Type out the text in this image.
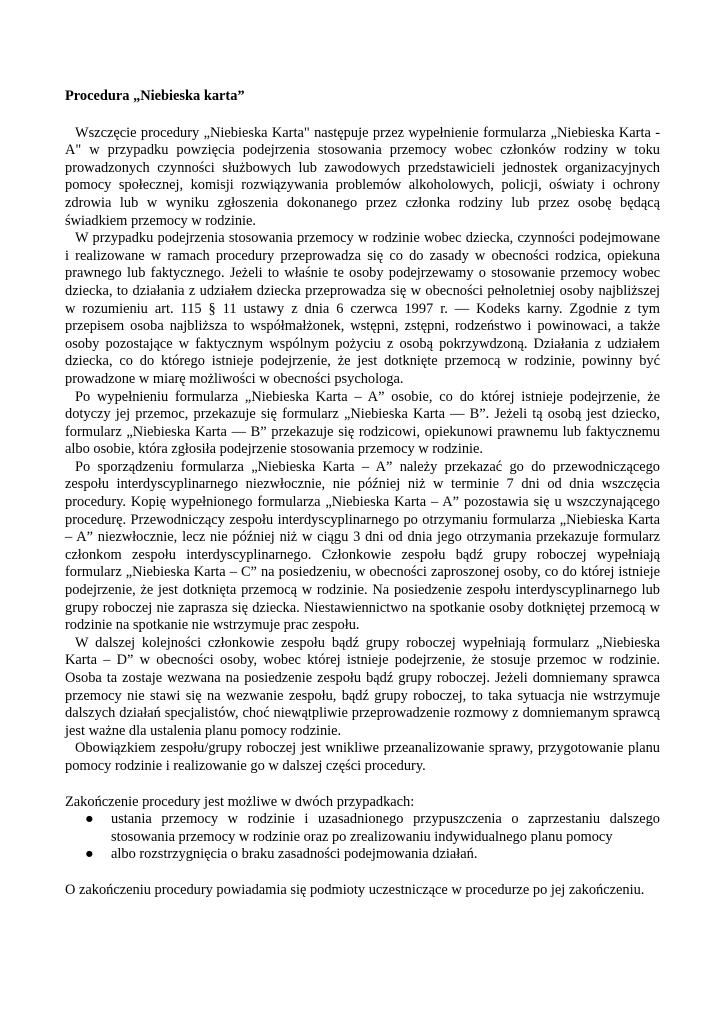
Procedura „Niebieska karta”

Wszczęcie procedury „Niebieska Karta" następuje przez wypełnienie formularza „Niebieska Karta - A" w przypadku powzięcia podejrzenia stosowania przemocy wobec członków rodziny w toku prowadzonych czynności służbowych lub zawodowych przedstawicieli jednostek organizacyjnych pomocy społecznej, komisji rozwiązywania problemów alkoholowych, policji, oświaty i ochrony zdrowia lub w wyniku zgłoszenia dokonanego przez członka rodziny lub przez osobę będącą świadkiem przemocy w rodzinie.

W przypadku podejrzenia stosowania przemocy w rodzinie wobec dziecka, czynności podejmowane i realizowane w ramach procedury przeprowadza się co do zasady w obecności rodzica, opiekuna prawnego lub faktycznego. Jeżeli to właśnie te osoby podejrzewamy o stosowanie przemocy wobec dziecka, to działania z udziałem dziecka przeprowadza się w obecności pełnoletniej osoby najbliższej w rozumieniu art. 115 § 11 ustawy z dnia 6 czerwca 1997 r. — Kodeks karny. Zgodnie z tym przepisem osoba najbliższa to współmałżonek, wstępni, zstępni, rodzeństwo i powinowaci, a także osoby pozostające w faktycznym wspólnym pożyciu z osobą pokrzywdzoną. Działania z udziałem dziecka, co do którego istnieje podejrzenie, że jest dotknięte przemocą w rodzinie, powinny być prowadzone w miarę możliwości w obecności psychologa.

Po wypełnieniu formularza „Niebieska Karta – A” osobie, co do której istnieje podejrzenie, że dotyczy jej przemoc, przekazuje się formularz „Niebieska Karta — B”. Jeżeli tą osobą jest dziecko, formularz „Niebieska Karta — B” przekazuje się rodzicowi, opiekunowi prawnemu lub faktycznemu albo osobie, która zgłosiła podejrzenie stosowania przemocy w rodzinie.

Po sporządzeniu formularza „Niebieska Karta – A” należy przekazać go do przewodniczącego zespołu interdyscyplinarnego niezwłocznie, nie później niż w terminie 7 dni od dnia wszczęcia procedury. Kopię wypełnionego formularza „Niebieska Karta – A” pozostawia się u wszczynającego procedurę. Przewodniczący zespołu interdyscyplinarnego po otrzymaniu formularza „Niebieska Karta – A” niezwłocznie, lecz nie później niż w ciągu 3 dni od dnia jego otrzymania przekazuje formularz członkom zespołu interdyscyplinarnego. Członkowie zespołu bądź grupy roboczej wypełniają formularz „Niebieska Karta – C” na posiedzeniu, w obecności zaproszonej osoby, co do której istnieje podejrzenie, że jest dotknięta przemocą w rodzinie. Na posiedzenie zespołu interdyscyplinarnego lub grupy roboczej nie zaprasza się dziecka. Niestawiennictwo na spotkanie osoby dotkniętej przemocą w rodzinie na spotkanie nie wstrzymuje prac zespołu.

W dalszej kolejności członkowie zespołu bądź grupy roboczej wypełniają formularz „Niebieska Karta – D” w obecności osoby, wobec której istnieje podejrzenie, że stosuje przemoc w rodzinie. Osoba ta zostaje wezwana na posiedzenie zespołu bądź grupy roboczej. Jeżeli domniemany sprawca przemocy nie stawi się na wezwanie zespołu, bądź grupy roboczej, to taka sytuacja nie wstrzymuje dalszych działań specjalistów, choć niewątpliwie przeprowadzenie rozmowy z domniemanym sprawcą jest ważne dla ustalenia planu pomocy rodzinie.

Obowiązkiem zespołu/grupy roboczej jest wnikliwe przeanalizowanie sprawy, przygotowanie planu pomocy rodzinie i realizowanie go w dalszej części procedury.

Zakończenie procedury jest możliwe w dwóch przypadkach:

● ustania przemocy w rodzinie i uzasadnionego przypuszczenia o zaprzestaniu dalszego stosowania przemocy w rodzinie oraz po zrealizowaniu indywidualnego planu pomocy
● albo rozstrzygnięcia o braku zasadności podejmowania działań.

O zakończeniu procedury powiadamia się podmioty uczestniczące w procedurze po jej zakończeniu.
